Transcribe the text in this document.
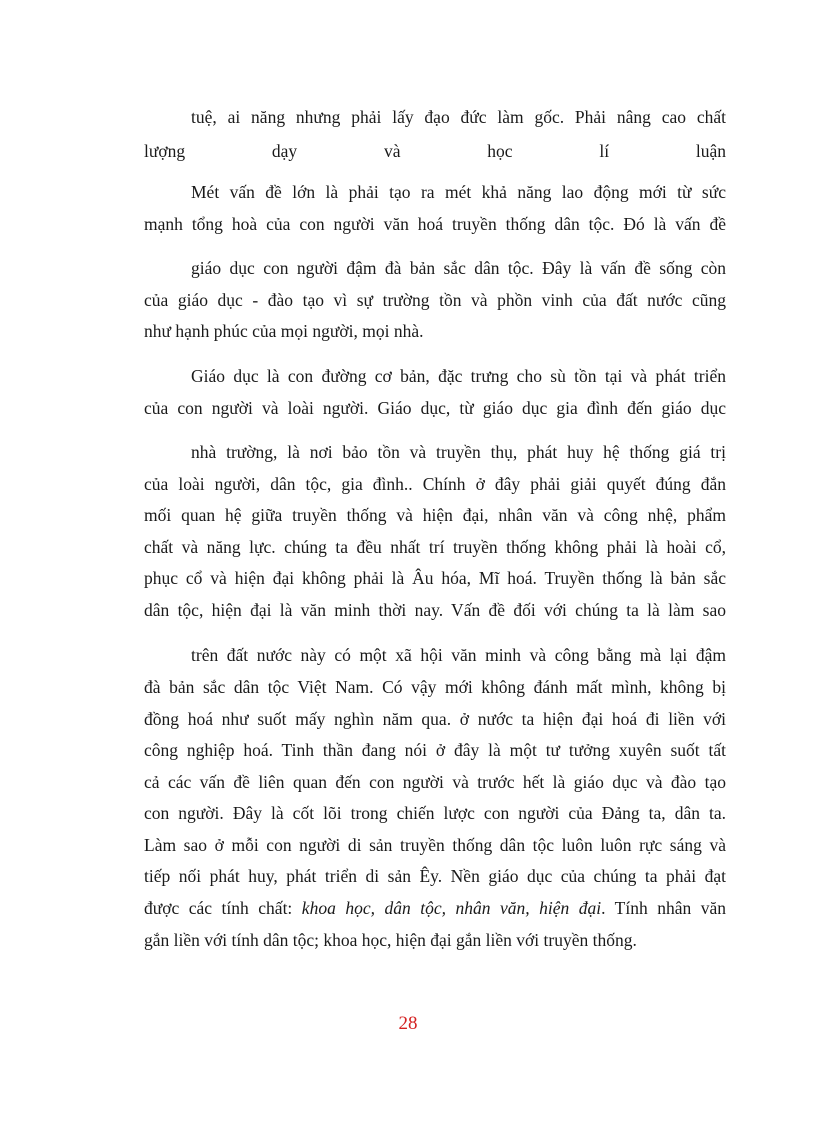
tuệ, ai năng nhưng phải lấy đạo đức làm gốc. Phải nâng cao chất
lượng dạy và học lí luận
Mét vấn đề lớn là phải tạo ra mét khả năng lao động mới từ sức
mạnh tổng hoà của con người văn hoá truyền thống dân tộc. Đó là vấn đề
giáo dục con người đậm đà bản sắc dân tộc. Đây là vấn đề sống còn
của giáo dục - đào tạo vì sự trường tồn và phồn vinh của đất nước cũng
như hạnh phúc của mọi người, mọi nhà.
Giáo dục là con đường cơ bản, đặc trưng cho sù tồn tại và phát triển
của con người và loài người. Giáo dục, từ giáo dục gia đình đến giáo dục
nhà trường, là nơi bảo tồn và truyền thụ, phát huy hệ thống giá trị
của loài người, dân tộc, gia đình.. Chính ở đây phải giải quyết đúng đắn
mối quan hệ giữa truyền thống và hiện đại, nhân văn và công nhệ, phẩm
chất và năng lực. chúng ta đều nhất trí truyền thống không phải là hoài cổ,
phục cổ và hiện đại không phải là Âu hóa, Mĩ hoá. Truyền thống là bản sắc
dân tộc, hiện đại là văn minh thời nay. Vấn đề đối với chúng ta là làm sao
trên đất nước này có một xã hội văn minh và công bằng mà lại đậm
đà bản sắc dân tộc Việt Nam. Có vậy mới không đánh mất mình, không bị
đồng hoá như suốt mấy nghìn năm qua. ở nước ta hiện đại hoá đi liền với
công nghiệp hoá. Tinh thần đang nói ở đây là một tư tưởng xuyên suốt tất
cả các vấn đề liên quan đến con người và trước hết là giáo dục và đào tạo
con người. Đây là cốt lõi trong chiến lược con người của Đảng ta, dân ta.
Làm sao ở mỗi con người di sản truyền thống dân tộc luôn luôn rực sáng và
tiếp nối phát huy, phát triển di sản Êy. Nền giáo dục của chúng ta phải đạt
được các tính chất: khoa học, dân tộc, nhân văn, hiện đại. Tính nhân văn
gắn liền với tính dân tộc; khoa học, hiện đại gắn liền với truyền thống.
28
